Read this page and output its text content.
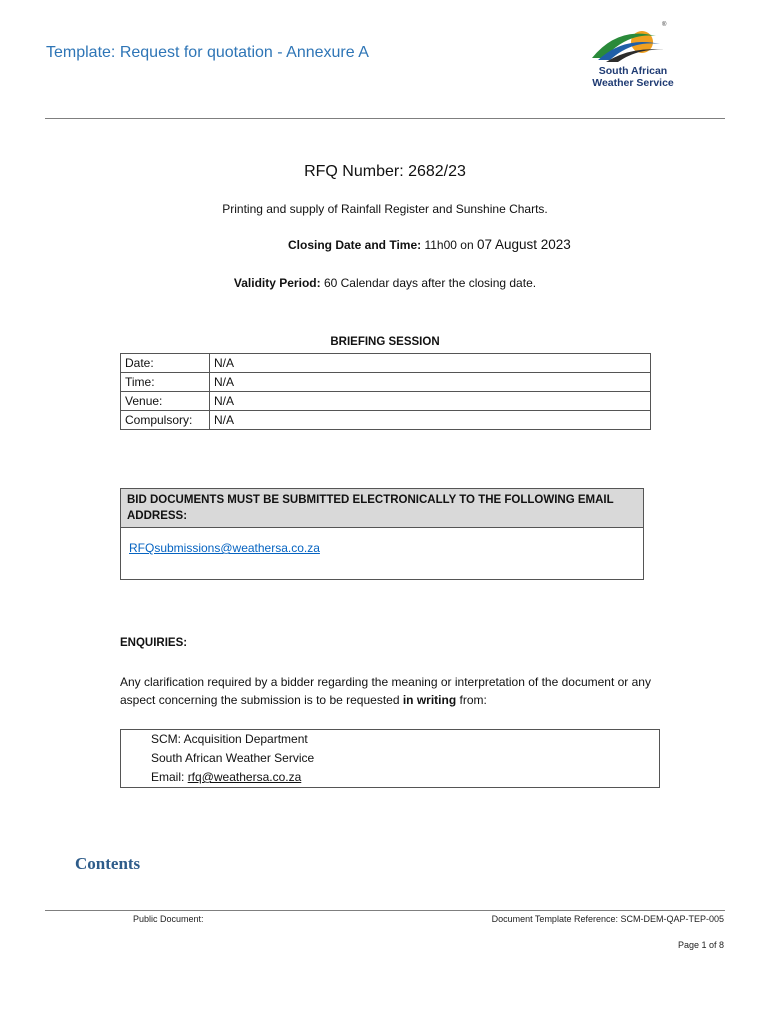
Template: Request for quotation - Annexure A
®
South African
Weather Service
RFQ Number: 2682/23
Printing and supply of Rainfall Register and Sunshine Charts.
Closing Date and Time: 11h00 on 07 August 2023
Validity Period: 60 Calendar days after the closing date.
BRIEFING SESSION
Date:	N/A
Time:	N/A
Venue:	N/A
Compulsory:	N/A
BID DOCUMENTS MUST BE SUBMITTED ELECTRONICALLY TO THE FOLLOWING EMAIL ADDRESS:
RFQsubmissions@weathersa.co.za
ENQUIRIES:
Any clarification required by a bidder regarding the meaning or interpretation of the document or any aspect concerning the submission is to be requested in writing from:
SCM: Acquisition Department
South African Weather Service
Email: rfq@weathersa.co.za
Contents
Public Document:	Document Template Reference: SCM-DEM-QAP-TEP-005
Page 1 of 8
